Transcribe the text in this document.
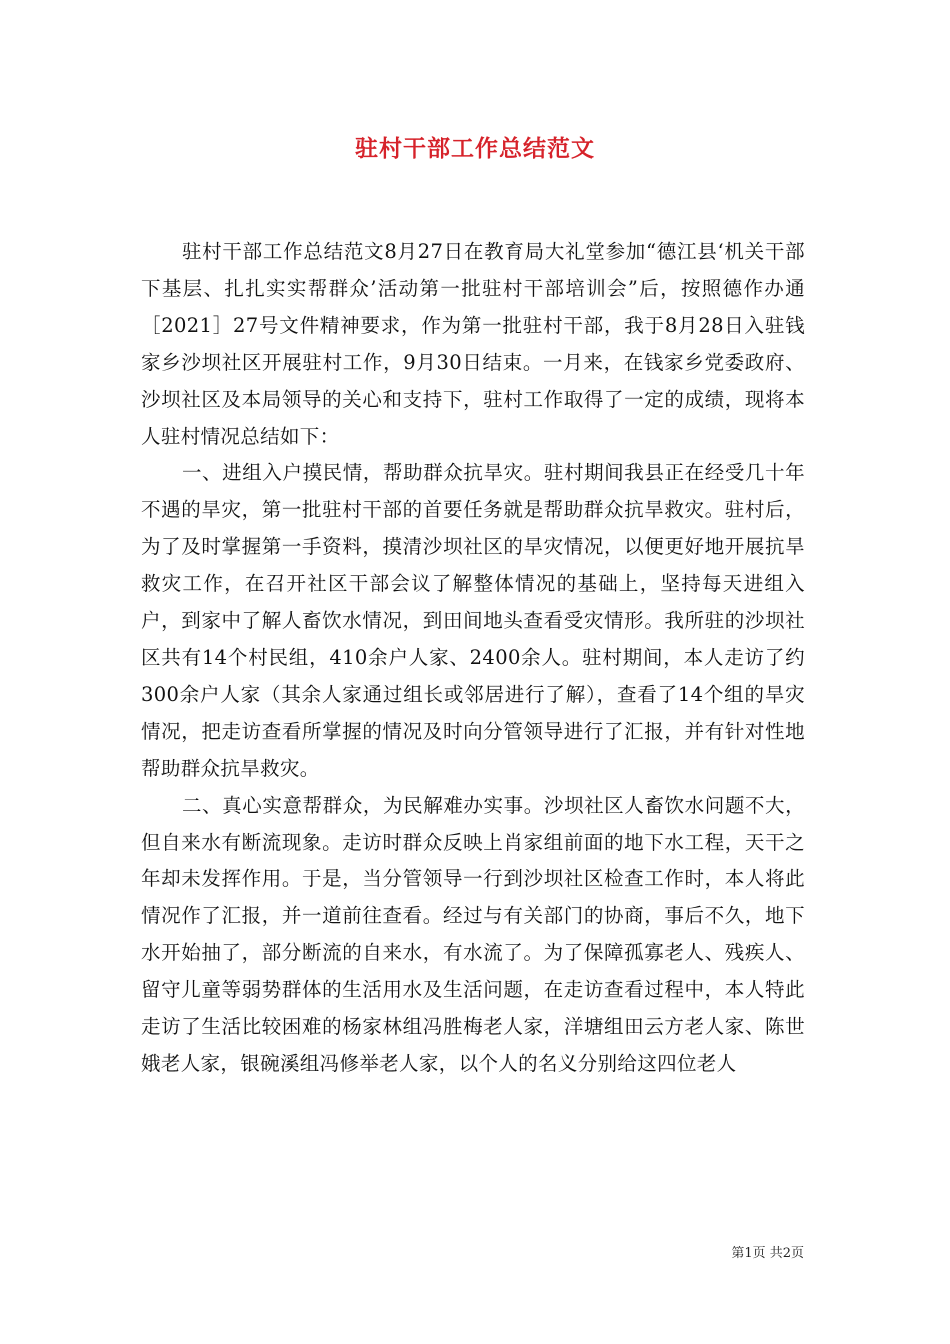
驻村干部工作总结范文

驻村干部工作总结范文8月27日在教育局大礼堂参加“德江县‘机关干部下基层、扎扎实实帮群众’活动第一批驻村干部培训会”后，按照德作办通［2021］27号文件精神要求，作为第一批驻村干部，我于8月28日入驻钱家乡沙坝社区开展驻村工作，9月30日结束。一月来，在钱家乡党委政府、沙坝社区及本局领导的关心和支持下，驻村工作取得了一定的成绩，现将本人驻村情况总结如下：

一、进组入户摸民情，帮助群众抗旱灾。驻村期间我县正在经受几十年不遇的旱灾，第一批驻村干部的首要任务就是帮助群众抗旱救灾。驻村后，为了及时掌握第一手资料，摸清沙坝社区的旱灾情况，以便更好地开展抗旱救灾工作，在召开社区干部会议了解整体情况的基础上，坚持每天进组入户，到家中了解人畜饮水情况，到田间地头查看受灾情形。我所驻的沙坝社区共有14个村民组，410余户人家、2400余人。驻村期间，本人走访了约300余户人家（其余人家通过组长或邻居进行了解），查看了14个组的旱灾情况，把走访查看所掌握的情况及时向分管领导进行了汇报，并有针对性地帮助群众抗旱救灾。

二、真心实意帮群众，为民解难办实事。沙坝社区人畜饮水问题不大，但自来水有断流现象。走访时群众反映上肖家组前面的地下水工程，天干之年却未发挥作用。于是，当分管领导一行到沙坝社区检查工作时，本人将此情况作了汇报，并一道前往查看。经过与有关部门的协商，事后不久，地下水开始抽了，部分断流的自来水，有水流了。为了保障孤寡老人、残疾人、留守儿童等弱势群体的生活用水及生活问题，在走访查看过程中，本人特此走访了生活比较困难的杨家林组冯胜梅老人家，洋塘组田云方老人家、陈世娥老人家，银碗溪组冯修举老人家，以个人的名义分别给这四位老人

第1页 共2页
